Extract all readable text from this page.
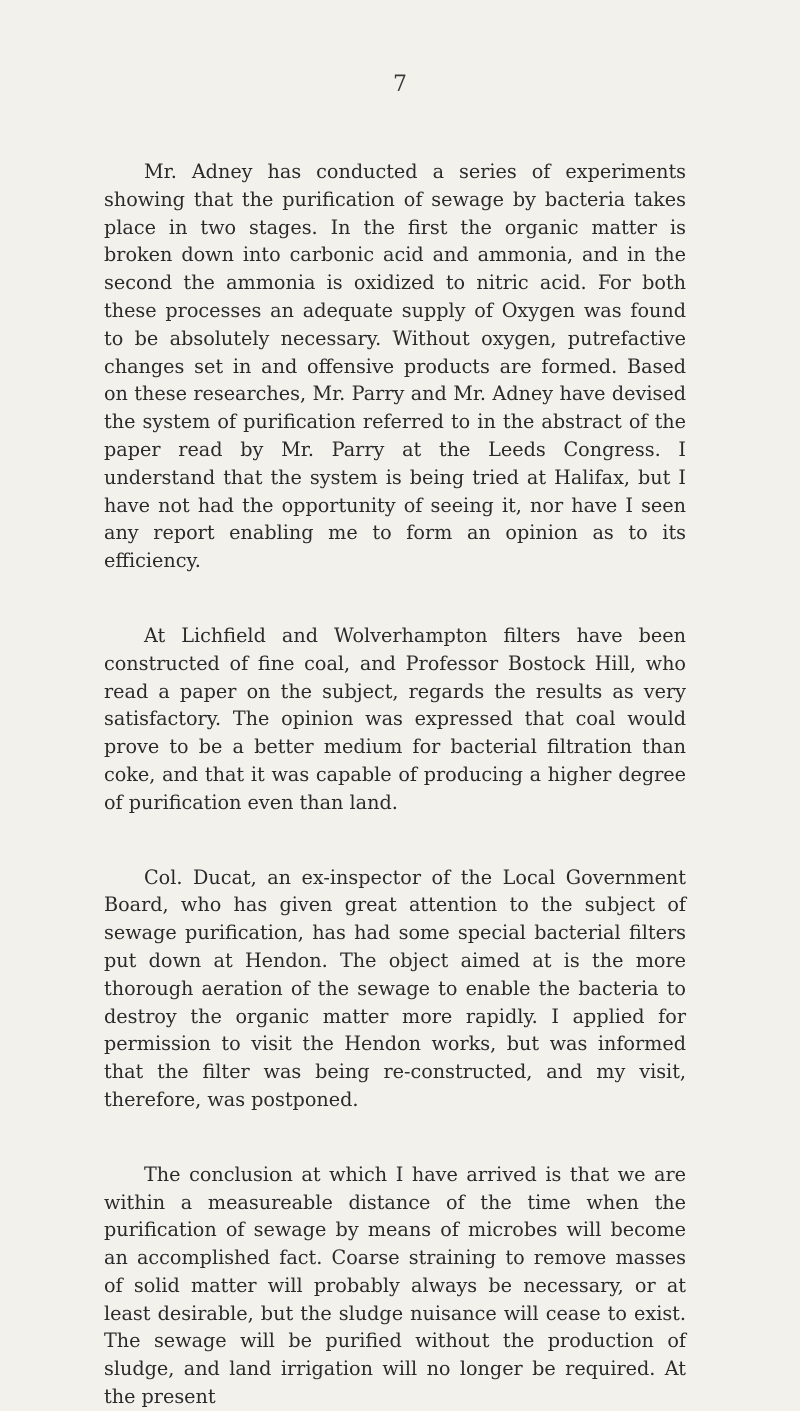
7

Mr. Adney has conducted a series of experiments showing that the purification of sewage by bacteria takes place in two stages. In the first the organic matter is broken down into carbonic acid and ammonia, and in the second the ammonia is oxidized to nitric acid. For both these processes an adequate supply of Oxygen was found to be absolutely necessary. Without oxygen, putrefactive changes set in and offensive products are formed. Based on these researches, Mr. Parry and Mr. Adney have devised the system of purification referred to in the abstract of the paper read by Mr. Parry at the Leeds Congress. I understand that the system is being tried at Halifax, but I have not had the opportunity of seeing it, nor have I seen any report enabling me to form an opinion as to its efficiency.

At Lichfield and Wolverhampton filters have been constructed of fine coal, and Professor Bostock Hill, who read a paper on the subject, regards the results as very satisfactory. The opinion was expressed that coal would prove to be a better medium for bacterial filtration than coke, and that it was capable of producing a higher degree of purification even than land.

Col. Ducat, an ex-inspector of the Local Government Board, who has given great attention to the subject of sewage purification, has had some special bacterial filters put down at Hendon. The object aimed at is the more thorough aeration of the sewage to enable the bacteria to destroy the organic matter more rapidly. I applied for permission to visit the Hendon works, but was informed that the filter was being re-constructed, and my visit, therefore, was postponed.

The conclusion at which I have arrived is that we are within a measureable distance of the time when the purification of sewage by means of microbes will become an accomplished fact. Coarse straining to remove masses of solid matter will probably always be necessary, or at least desirable, but the sludge nuisance will cease to exist. The sewage will be purified without the production of sludge, and land irrigation will no longer be required. At the present
